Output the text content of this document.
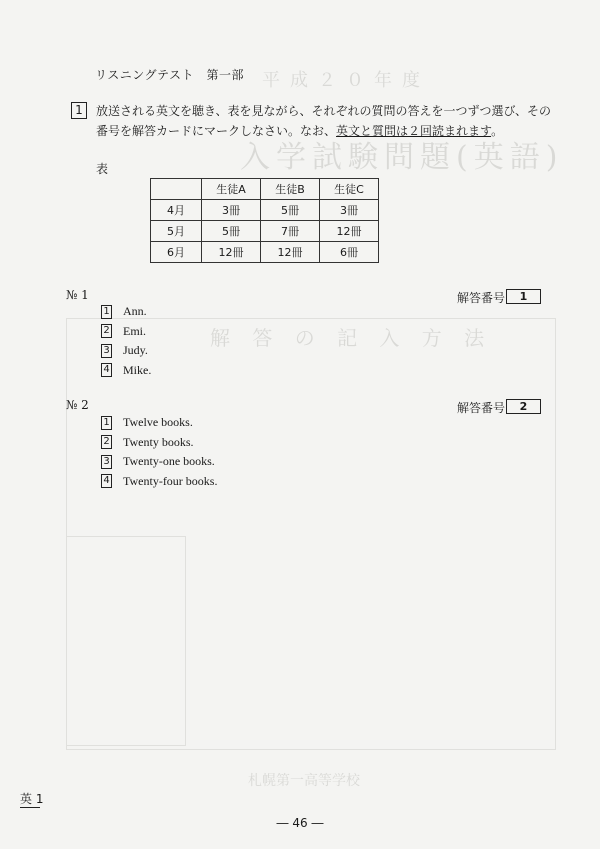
平成２０年度
入学試験問題(英語)
解 答 の 記 入 方 法
札幌第一高等学校
リスニングテスト　第一部
1	放送される英文を聴き、表を見ながら、それぞれの質問の答えを一つずつ選び、その番号を解答カードにマークしなさい。なお、英文と質問は２回読まれます。
表
	生徒A	生徒B	生徒C
4月	3冊	5冊	3冊
5月	5冊	7冊	12冊
6月	12冊	12冊	6冊
№ 1	解答番号	1
1 Ann.
2 Emi.
3 Judy.
4 Mike.
№ 2	解答番号	2
1 Twelve books.
2 Twenty books.
3 Twenty-one books.
4 Twenty-four books.
英 1
― 46 ―
